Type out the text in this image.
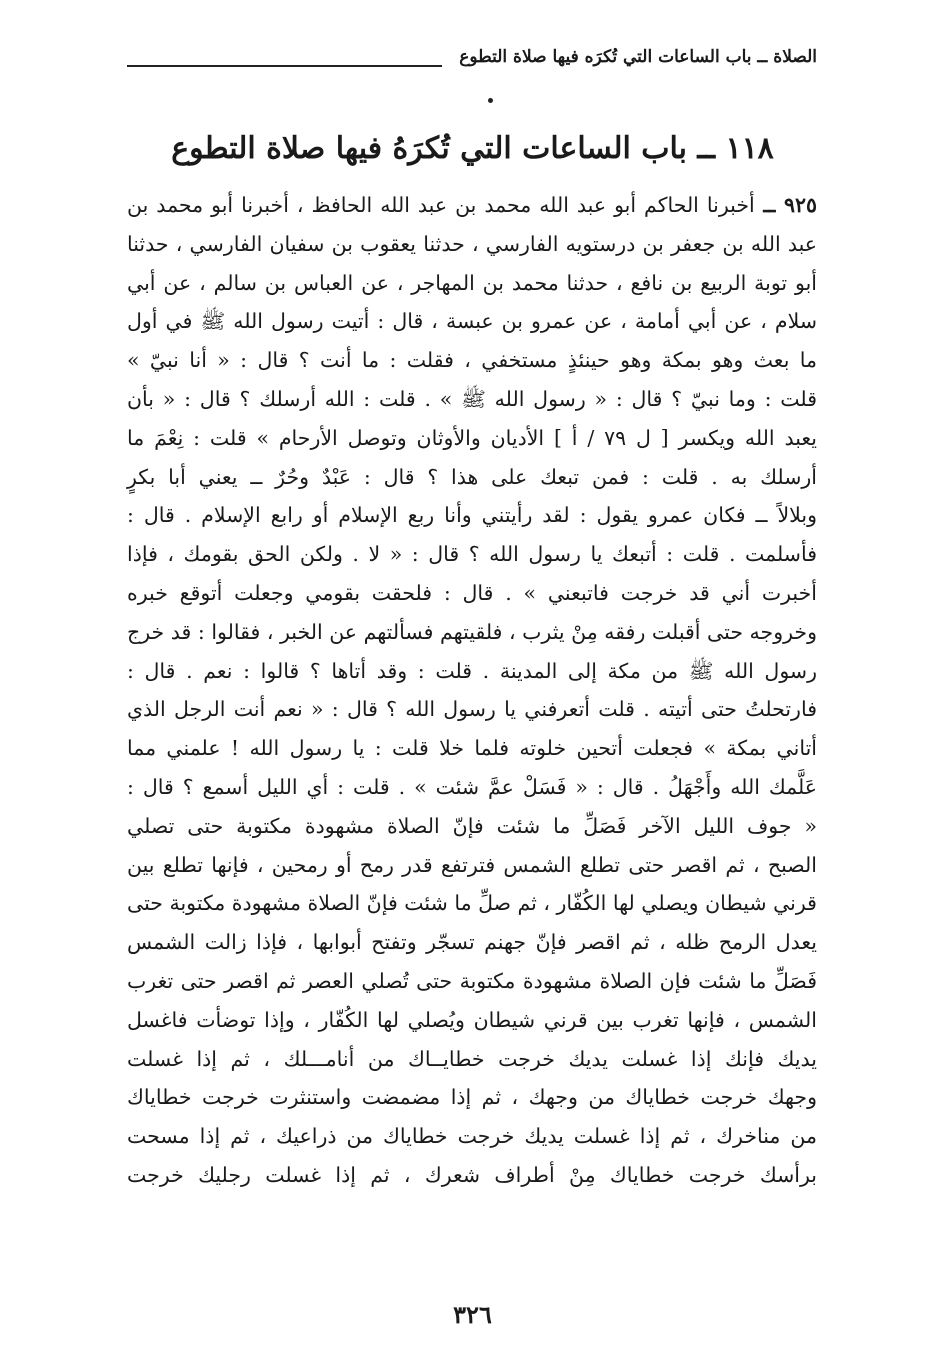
الصلاة ــ باب الساعات التي تُكرَه فيها صلاة التطوع
١١٨ ــ باب الساعات التي تُكرَهُ فيها صلاة التطوع
٩٢٥ ــ أخبرنا الحاكم أبو عبد الله محمد بن عبد الله الحافظ ، أخبرنا أبو محمد بن
عبد الله بن جعفر بن درستويه الفارسي ، حدثنا يعقوب بن سفيان الفارسي ، حدثنا
أبو توبة الربيع بن نافع ، حدثنا محمد بن المهاجر ، عن العباس بن سالم ، عن أبي
سلام ، عن أبي أمامة ، عن عمرو بن عبسة ، قال : أتيت رسول الله ﷺ في أول
ما بعث وهو بمكة وهو حينئذٍ مستخفي ، فقلت : ما أنت ؟ قال : « أنا نبيّ »
قلت : وما نبيّ ؟ قال : « رسول الله ﷺ » . قلت : الله أرسلك ؟ قال : « بأن
يعبد الله ويكسر [ ل ٧٩ / أ ] الأديان والأوثان وتوصل الأرحام » قلت : نِعْمَ ما
أرسلك به . قلت : فمن تبعك على هذا ؟ قال : عَبْدٌ وحُرٌ ــ يعني أبا بكرٍ
وبلالاً ــ فكان عمرو يقول : لقد رأيتني وأنا ربع الإسلام أو رابع الإسلام . قال :
فأسلمت . قلت : أتبعك يا رسول الله ؟ قال : « لا . ولكن الحق بقومك ، فإذا
أخبرت أني قد خرجت فاتبعني » . قال : فلحقت بقومي وجعلت أتوقع خبره
وخروجه حتى أقبلت رفقه مِنْ يثرب ، فلقيتهم فسألتهم عن الخبر ، فقالوا : قد خرج
رسول الله ﷺ من مكة إلى المدينة . قلت : وقد أتاها ؟ قالوا : نعم . قال :
فارتحلتُ حتى أتيته . قلت أتعرفني يا رسول الله ؟ قال : « نعم أنت الرجل الذي
أتاني بمكة » فجعلت أتحين خلوته فلما خلا قلت : يا رسول الله ! علمني مما
عَلَّمك الله وأَجْهَلُ . قال : « فَسَلْ عمَّ شئت » . قلت : أي الليل أسمع ؟ قال :
« جوف الليل الآخر فَصَلِّ ما شئت فإنّ الصلاة مشهودة مكتوبة حتى تصلي
الصبح ، ثم اقصر حتى تطلع الشمس فترتفع قدر رمح أو رمحين ، فإنها تطلع بين
قرني شيطان ويصلي لها الكُفّار ، ثم صلِّ ما شئت فإنّ الصلاة مشهودة مكتوبة حتى
يعدل الرمح ظله ، ثم اقصر فإنّ جهنم تسجّر وتفتح أبوابها ، فإذا زالت الشمس
فَصَلِّ ما شئت فإن الصلاة مشهودة مكتوبة حتى تُصلي العصر ثم اقصر حتى تغرب
الشمس ، فإنها تغرب بين قرني شيطان ويُصلي لها الكُفّار ، وإذا توضأت فاغسل
يديك فإنك إذا غسلت يديك خرجت خطايــاك من أنامـــلك ، ثم إذا غسلت
وجهك خرجت خطاياك من وجهك ، ثم إذا مضمضت واستنثرت خرجت خطاياك
من مناخرك ، ثم إذا غسلت يديك خرجت خطاياك من ذراعيك ، ثم إذا مسحت
برأسك خرجت خطاياك مِنْ أطراف شعرك ، ثم إذا غسلت رجليك خرجت
٣٢٦
